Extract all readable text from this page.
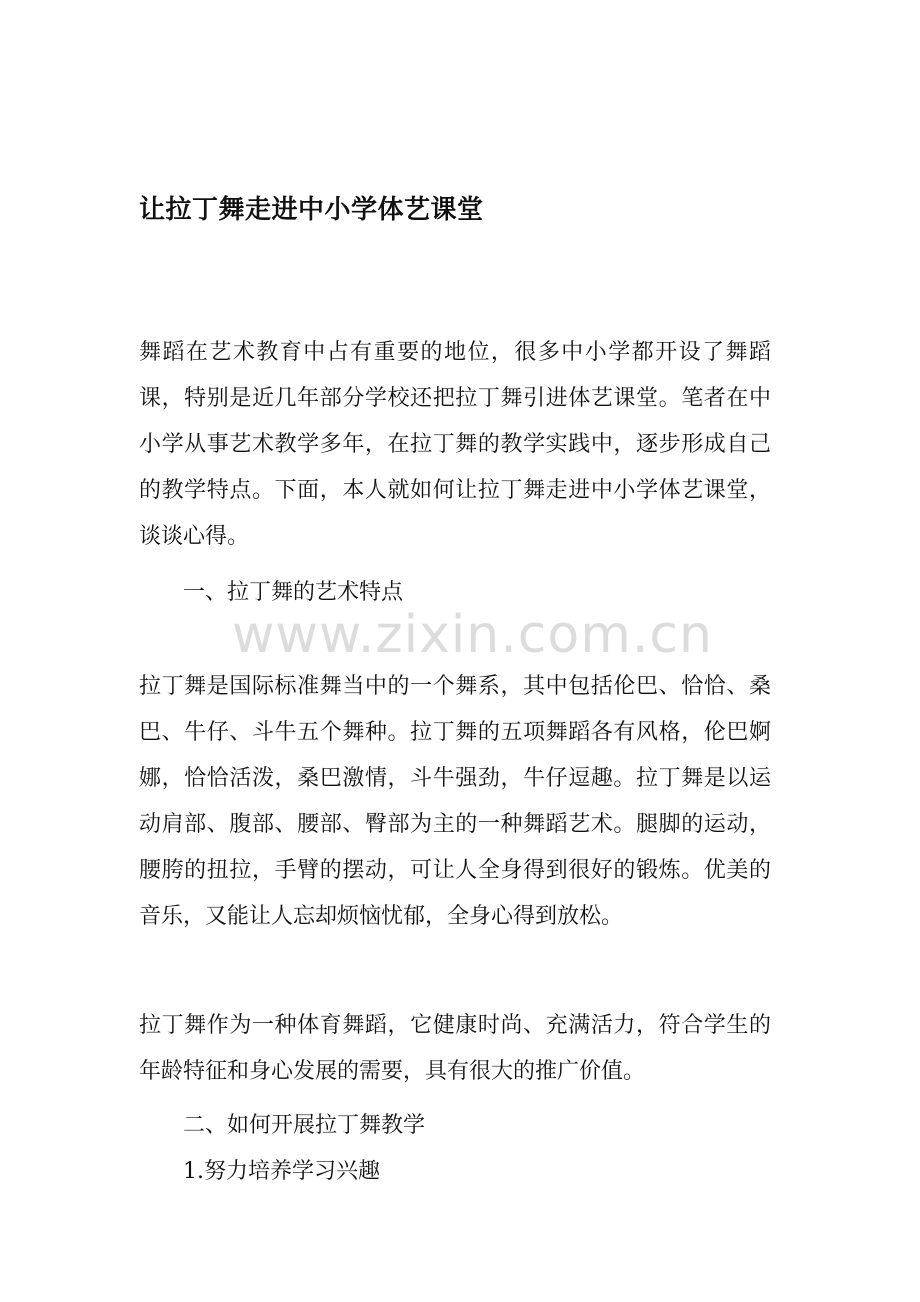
让拉丁舞走进中小学体艺课堂

舞蹈在艺术教育中占有重要的地位，很多中小学都开设了舞蹈课，特别是近几年部分学校还把拉丁舞引进体艺课堂。笔者在中小学从事艺术教学多年，在拉丁舞的教学实践中，逐步形成自己的教学特点。下面，本人就如何让拉丁舞走进中小学体艺课堂，谈谈心得。

一、拉丁舞的艺术特点

www.zixin.com.cn

拉丁舞是国际标准舞当中的一个舞系，其中包括伦巴、恰恰、桑巴、牛仔、斗牛五个舞种。拉丁舞的五项舞蹈各有风格，伦巴婀娜，恰恰活泼，桑巴激情，斗牛强劲，牛仔逗趣。拉丁舞是以运动肩部、腹部、腰部、臀部为主的一种舞蹈艺术。腿脚的运动，腰胯的扭拉，手臂的摆动，可让人全身得到很好的锻炼。优美的音乐，又能让人忘却烦恼忧郁，全身心得到放松。

拉丁舞作为一种体育舞蹈，它健康时尚、充满活力，符合学生的年龄特征和身心发展的需要，具有很大的推广价值。

二、如何开展拉丁舞教学

1.努力培养学习兴趣
